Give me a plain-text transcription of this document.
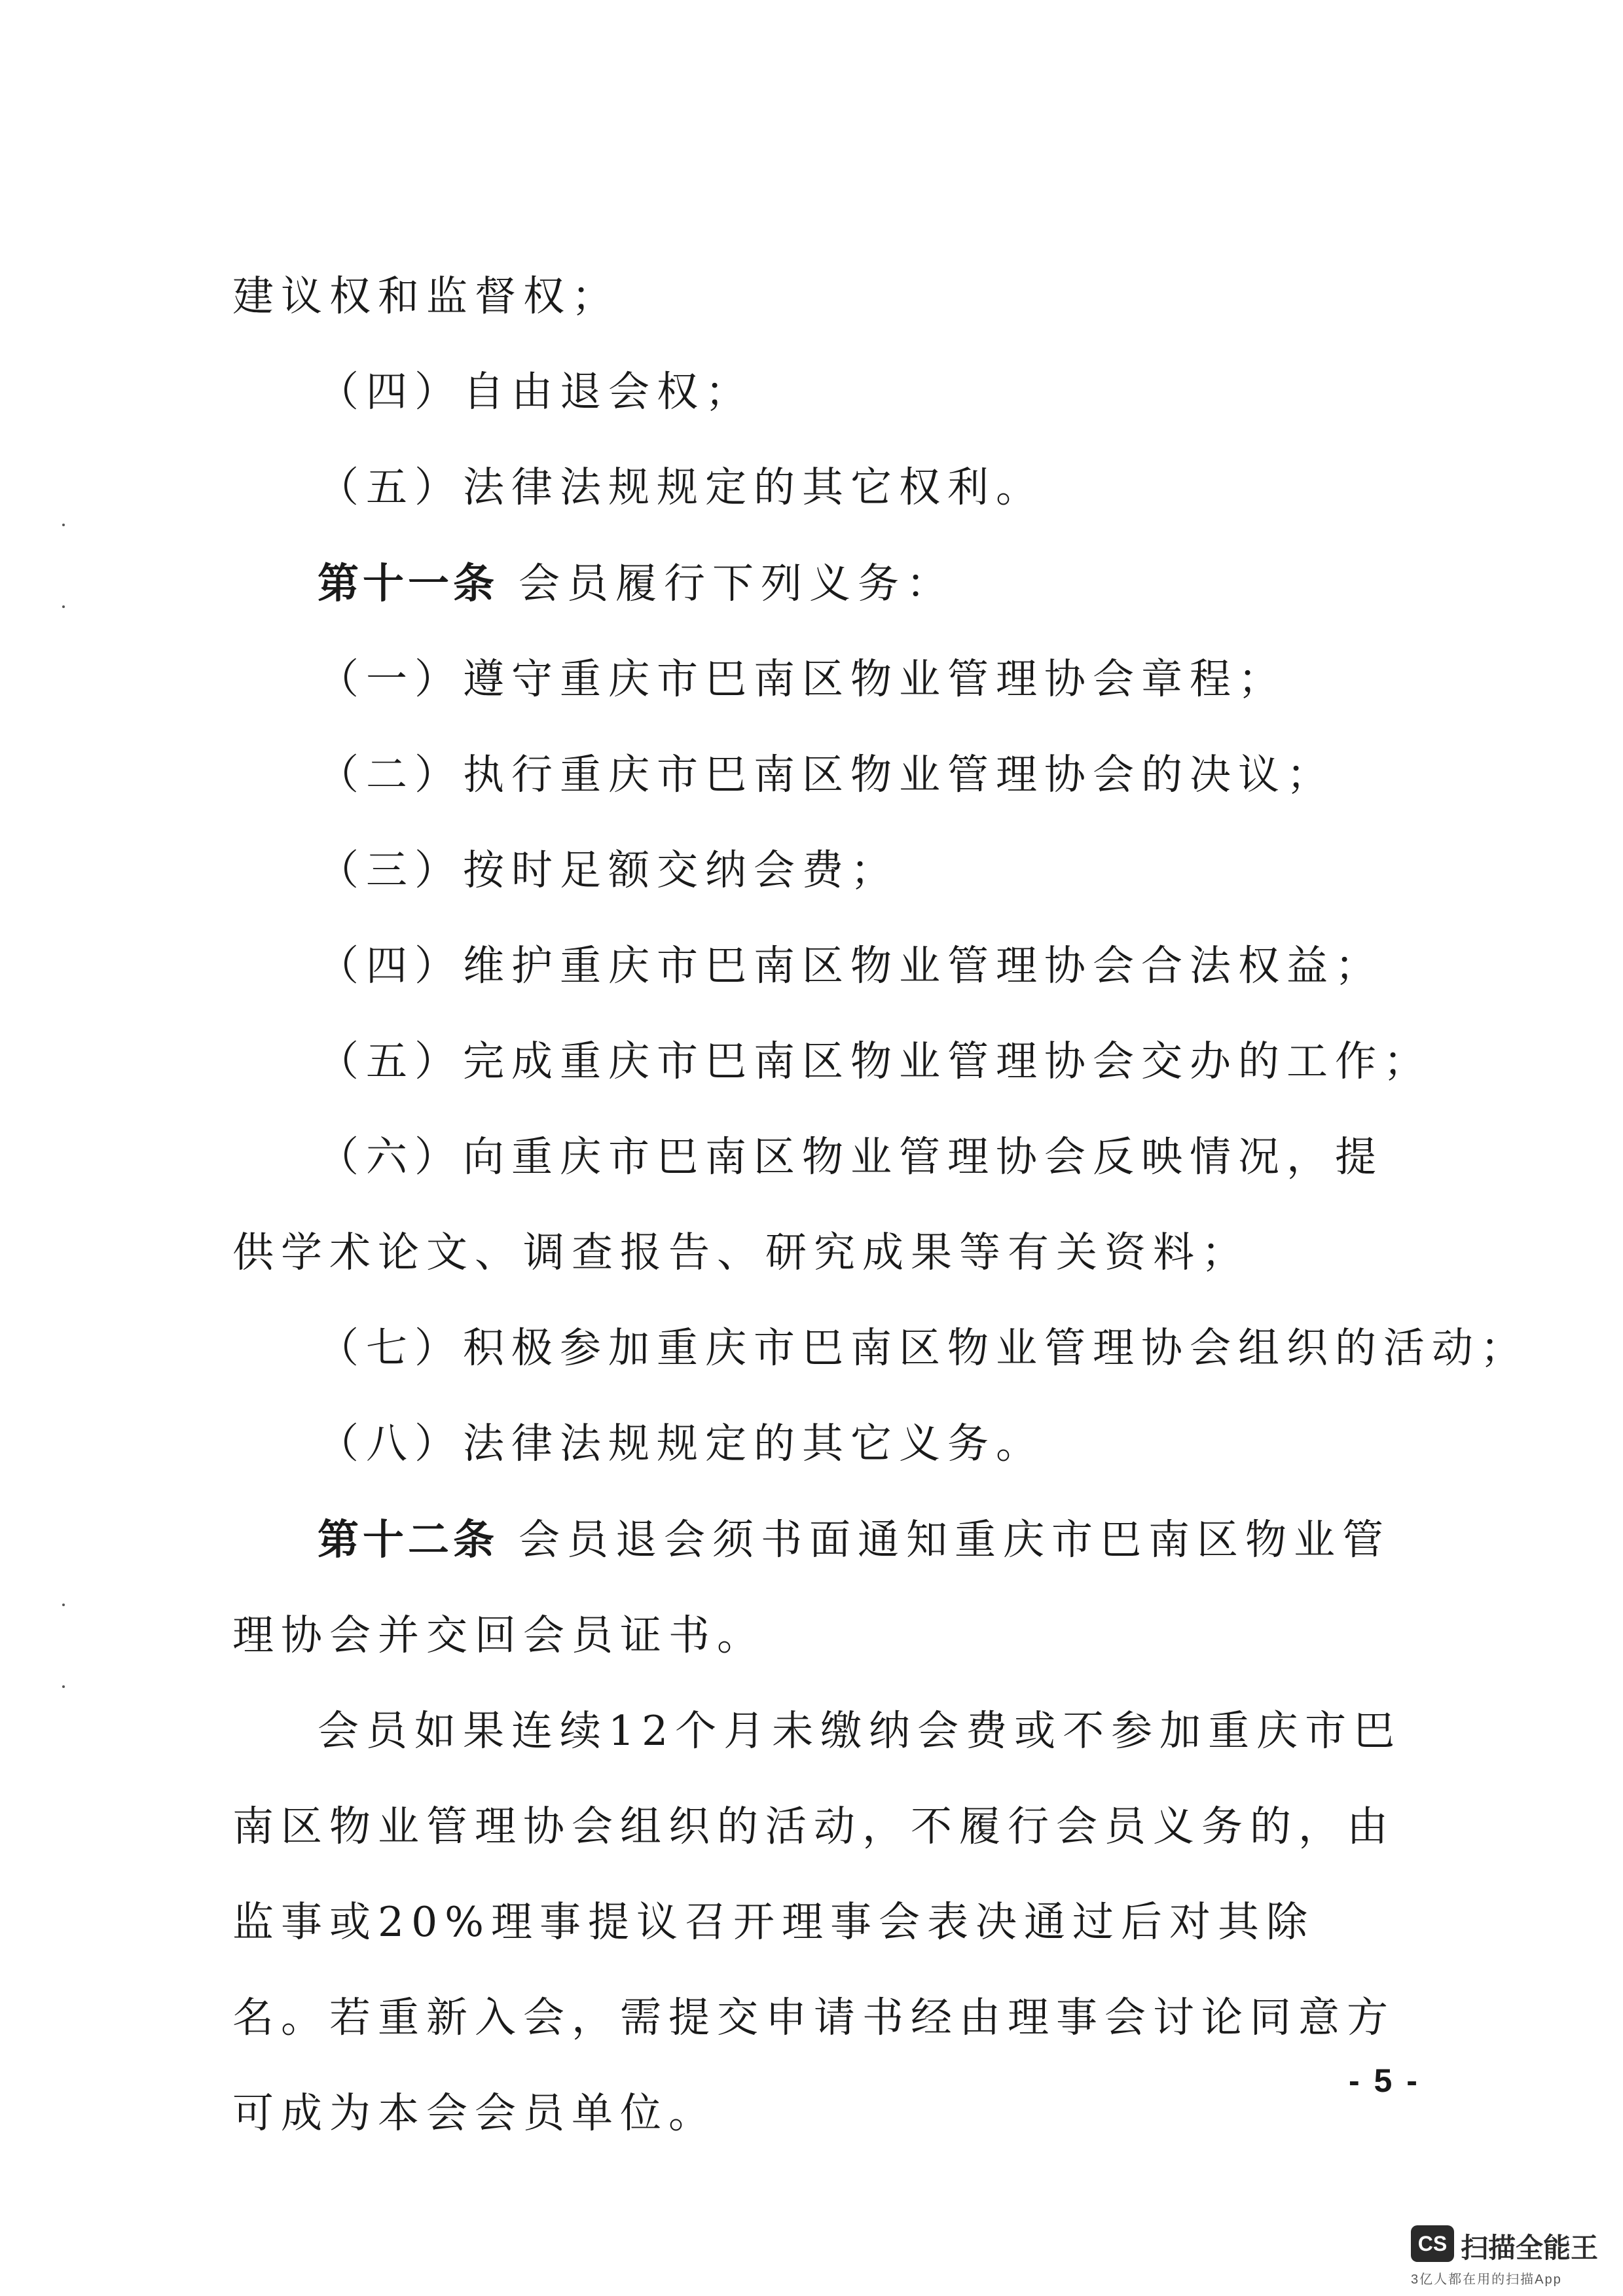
建议权和监督权；

（四）自由退会权；

（五）法律法规规定的其它权利。

第十一条 会员履行下列义务：

（一）遵守重庆市巴南区物业管理协会章程；

（二）执行重庆市巴南区物业管理协会的决议；

（三）按时足额交纳会费；

（四）维护重庆市巴南区物业管理协会合法权益；

（五）完成重庆市巴南区物业管理协会交办的工作；

（六）向重庆市巴南区物业管理协会反映情况，提供学术论文、调查报告、研究成果等有关资料；

（七）积极参加重庆市巴南区物业管理协会组织的活动；

（八）法律法规规定的其它义务。

第十二条 会员退会须书面通知重庆市巴南区物业管理协会并交回会员证书。

会员如果连续12个月未缴纳会费或不参加重庆市巴南区物业管理协会组织的活动，不履行会员义务的，由监事或20%理事提议召开理事会表决通过后对其除名。若重新入会，需提交申请书经由理事会讨论同意方可成为本会会员单位。

- 5 -
CS 扫描全能王
3亿人都在用的扫描App
